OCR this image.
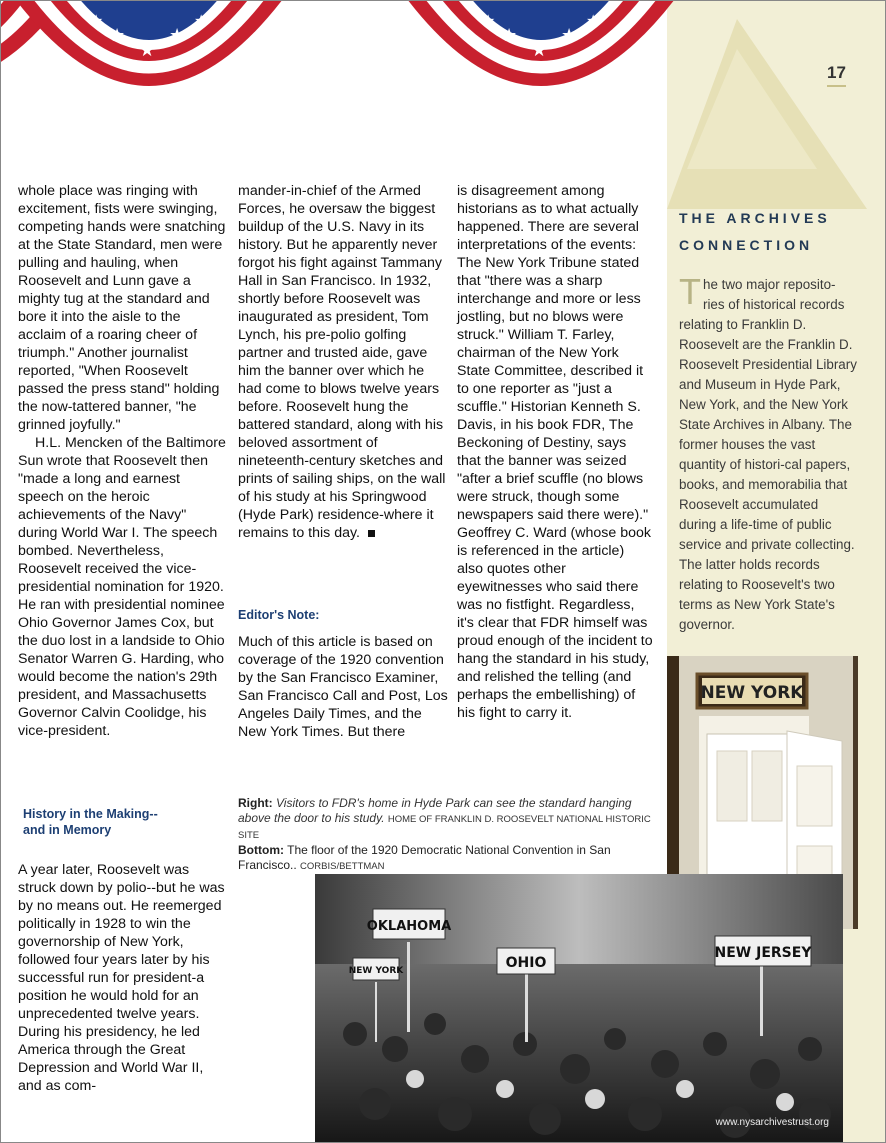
★
★
★
★	★
★
★
★
★	★
17

whole place was ringing with excitement, fists were swinging, competing hands were snatching at the State Standard, men were pulling and hauling, when Roosevelt and Lunn gave a mighty tug at the standard and bore it into the aisle to the acclaim of a roaring cheer of triumph." Another journalist reported, "When Roosevelt passed the press stand" holding the now-tattered banner, "he grinned joyfully."

H.L. Mencken of the Baltimore Sun wrote that Roosevelt then "made a long and earnest speech on the heroic achievements of the Navy" during World War I. The speech bombed. Nevertheless, Roosevelt received the vice-presidential nomination for 1920. He ran with presidential nominee Ohio Governor James Cox, but the duo lost in a landside to Ohio Senator Warren G. Harding, who would become the nation's 29th president, and Massachusetts Governor Calvin Coolidge, his vice-president.

History in the Making--
and in Memory

A year later, Roosevelt was struck down by polio--but he was by no means out. He reemerged politically in 1928 to win the governorship of New York, followed four years later by his successful run for president-a position he would hold for an unprecedented twelve years. During his presidency, he led America through the Great Depression and World War II, and as com-

mander-in-chief of the Armed Forces, he oversaw the biggest buildup of the U.S. Navy in its history. But he apparently never forgot his fight against Tammany Hall in San Francisco. In 1932, shortly before Roosevelt was inaugurated as president, Tom Lynch, his pre-polio golfing partner and trusted aide, gave him the banner over which he had come to blows twelve years before. Roosevelt hung the battered standard, along with his beloved assortment of nineteenth-century sketches and prints of sailing ships, on the wall of his study at his Springwood (Hyde Park) residence-where it remains to this day.

Editor's Note:

Much of this article is based on coverage of the 1920 convention by the San Francisco Examiner, San Francisco Call and Post, Los Angeles Daily Times, and the New York Times. But there

is disagreement among historians as to what actually happened. There are several interpretations of the events: The New York Tribune stated that "there was a sharp interchange and more or less jostling, but no blows were struck." William T. Farley, chairman of the New York State Committee, described it to one reporter as "just a scuffle." Historian Kenneth S. Davis, in his book FDR, The Beckoning of Destiny, says that the banner was seized "after a brief scuffle (no blows were struck, though some newspapers said there were)." Geoffrey C. Ward (whose book is referenced in the article) also quotes other eyewitnesses who said there was no fistfight. Regardless, it's clear that FDR himself was proud enough of the incident to hang the standard in his study, and relished the telling (and perhaps the embellishing) of his fight to carry it.

Right: Visitors to FDR's home in Hyde Park can see the standard hanging above the door to his study. HOME OF FRANKLIN D. ROOSEVELT NATIONAL HISTORIC SITE
Bottom: The floor of the 1920 Democratic National Convention in San Francisco.. CORBIS/BETTMAN
THE ARCHIVES
CONNECTION
The two major reposito-ries of historical records relating to Franklin D. Roosevelt are the Franklin D. Roosevelt Presidential Library and Museum in Hyde Park, New York, and the New York State Archives in Albany. The former houses the vast quantity of histori-cal papers, books, and memorabilia that Roosevelt accumulated during a life-time of public service and private collecting. The latter holds records relating to Roosevelt's two terms as New York State's governor.
NEW YORK
OKLAHOMA
NEW YORK	OHIO
NEW JERSEY
www.nysarchivestrust.org
